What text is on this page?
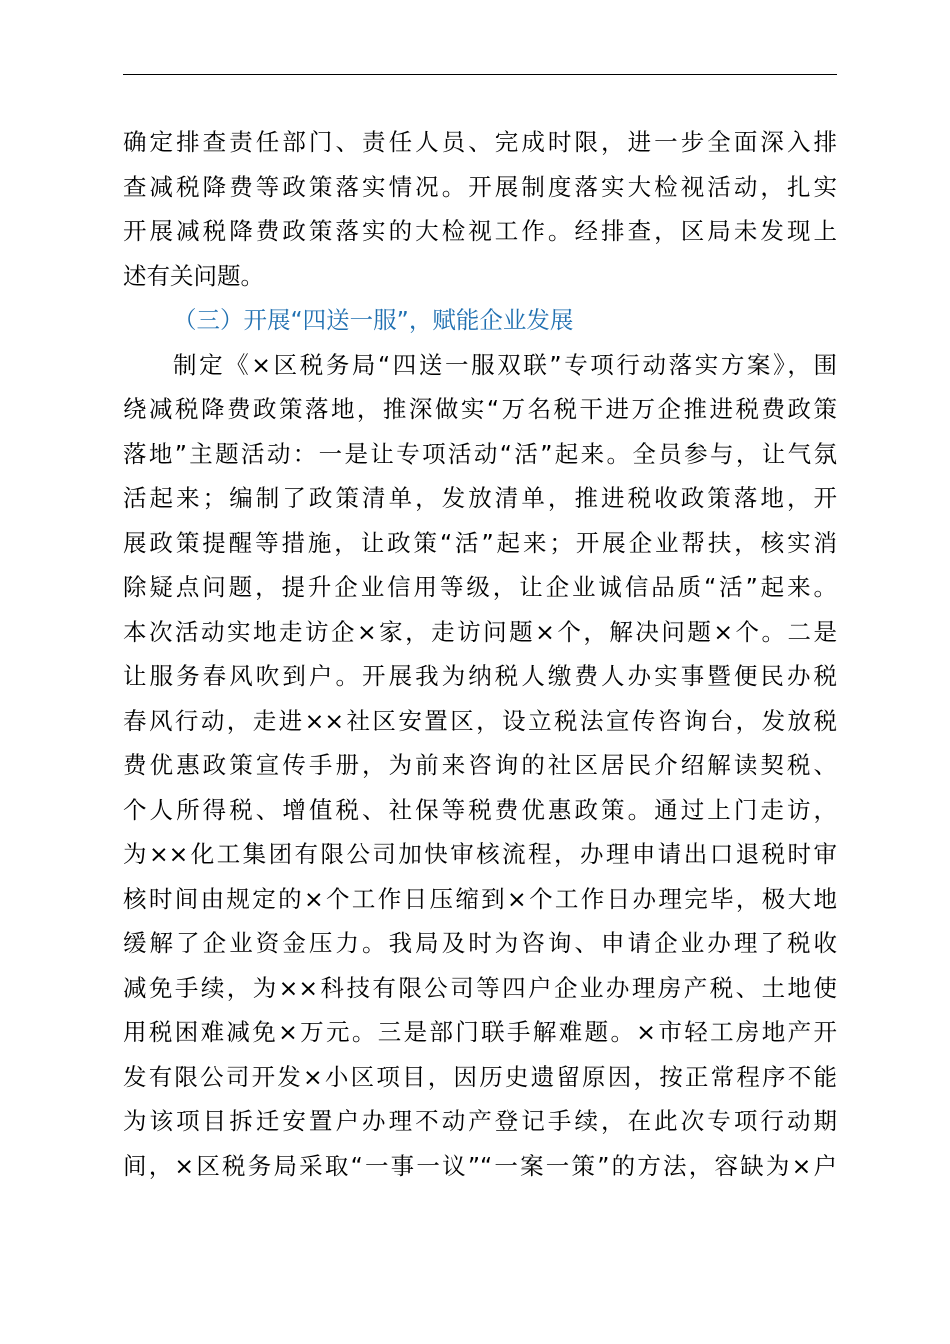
确定排查责任部门、责任人员、完成时限，进一步全面深入排
查减税降费等政策落实情况。开展制度落实大检视活动，扎实
开展减税降费政策落实的大检视工作。经排查，区局未发现上
述有关问题。
（三）开展“四送一服”，赋能企业发展
制定《×区税务局“四送一服双联”专项行动落实方案》，围
绕减税降费政策落地，推深做实“万名税干进万企推进税费政策
落地”主题活动：一是让专项活动“活”起来。全员参与，让气氛
活起来；编制了政策清单，发放清单，推进税收政策落地，开
展政策提醒等措施，让政策“活”起来；开展企业帮扶，核实消
除疑点问题，提升企业信用等级，让企业诚信品质“活”起来。
本次活动实地走访企×家，走访问题×个，解决问题×个。二是
让服务春风吹到户。开展我为纳税人缴费人办实事暨便民办税
春风行动，走进××社区安置区，设立税法宣传咨询台，发放税
费优惠政策宣传手册，为前来咨询的社区居民介绍解读契税、
个人所得税、增值税、社保等税费优惠政策。通过上门走访，
为××化工集团有限公司加快审核流程，办理申请出口退税时审
核时间由规定的×个工作日压缩到×个工作日办理完毕，极大地
缓解了企业资金压力。我局及时为咨询、申请企业办理了税收
减免手续，为××科技有限公司等四户企业办理房产税、土地使
用税困难减免×万元。三是部门联手解难题。×市轻工房地产开
发有限公司开发×小区项目，因历史遗留原因，按正常程序不能
为该项目拆迁安置户办理不动产登记手续，在此次专项行动期
间，×区税务局采取“一事一议”“一案一策”的方法，容缺为×户
